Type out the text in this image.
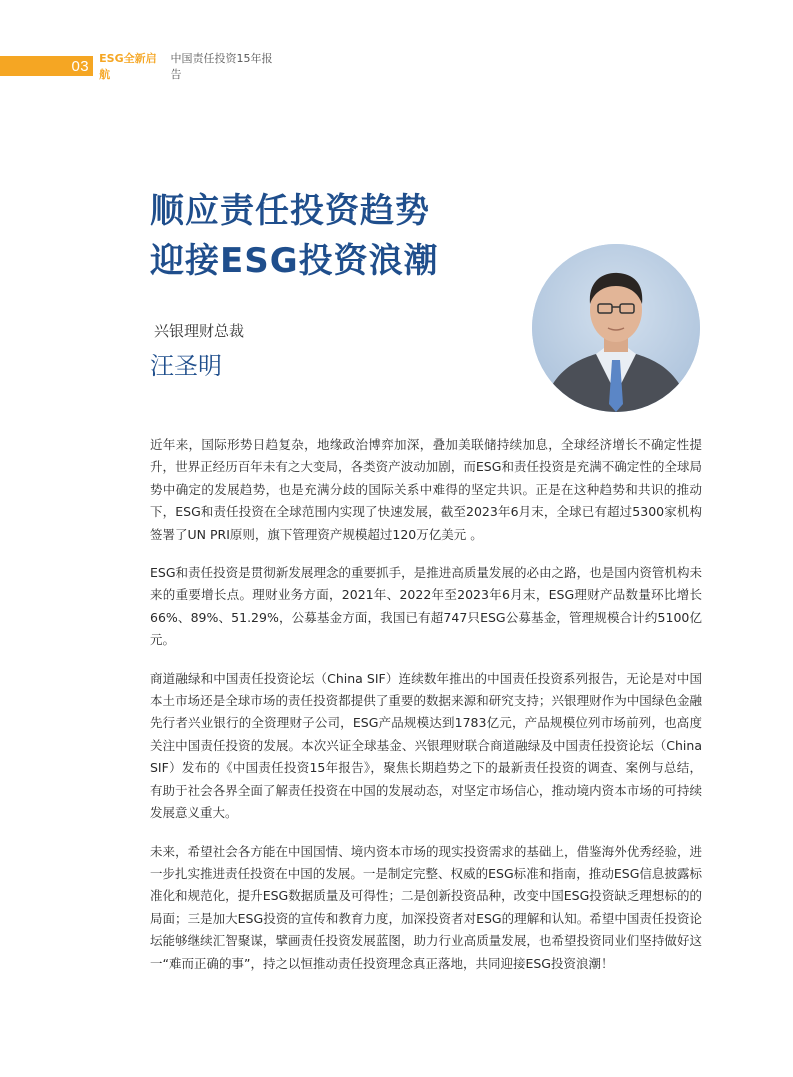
03 ESG全新启航
中国责任投资15年报告
顺应责任投资趋势
迎接ESG投资浪潮
兴银理财总裁
汪圣明

近年来，国际形势日趋复杂，地缘政治博弈加深，叠加美联储持续加息，全球经济增长不确定性提升，世界正经历百年未有之大变局，各类资产波动加剧，而ESG和责任投资是充满不确定性的全球局势中确定的发展趋势，也是充满分歧的国际关系中难得的坚定共识。正是在这种趋势和共识的推动下，ESG和责任投资在全球范围内实现了快速发展，截至2023年6月末，全球已有超过5300家机构签署了UN PRI原则，旗下管理资产规模超过120万亿美元 。

ESG和责任投资是贯彻新发展理念的重要抓手，是推进高质量发展的必由之路，也是国内资管机构未来的重要增长点。理财业务方面，2021年、2022年至2023年6月末，ESG理财产品数量环比增长66%、89%、51.29%，公募基金方面，我国已有超747只ESG公募基金，管理规模合计约5100亿元。

商道融绿和中国责任投资论坛（China SIF）连续数年推出的中国责任投资系列报告，无论是对中国本土市场还是全球市场的责任投资都提供了重要的数据来源和研究支持；兴银理财作为中国绿色金融先行者兴业银行的全资理财子公司，ESG产品规模达到1783亿元，产品规模位列市场前列，也高度关注中国责任投资的发展。本次兴证全球基金、兴银理财联合商道融绿及中国责任投资论坛（China SIF）发布的《中国责任投资15年报告》，聚焦长期趋势之下的最新责任投资的调查、案例与总结，有助于社会各界全面了解责任投资在中国的发展动态，对坚定市场信心，推动境内资本市场的可持续发展意义重大。

未来，希望社会各方能在中国国情、境内资本市场的现实投资需求的基础上，借鉴海外优秀经验，进一步扎实推进责任投资在中国的发展。一是制定完整、权威的ESG标准和指南，推动ESG信息披露标准化和规范化，提升ESG数据质量及可得性；二是创新投资品种，改变中国ESG投资缺乏理想标的的局面；三是加大ESG投资的宣传和教育力度，加深投资者对ESG的理解和认知。希望中国责任投资论坛能够继续汇智聚谋，擘画责任投资发展蓝图，助力行业高质量发展，也希望投资同业们坚持做好这一“难而正确的事”，持之以恒推动责任投资理念真正落地，共同迎接ESG投资浪潮！
